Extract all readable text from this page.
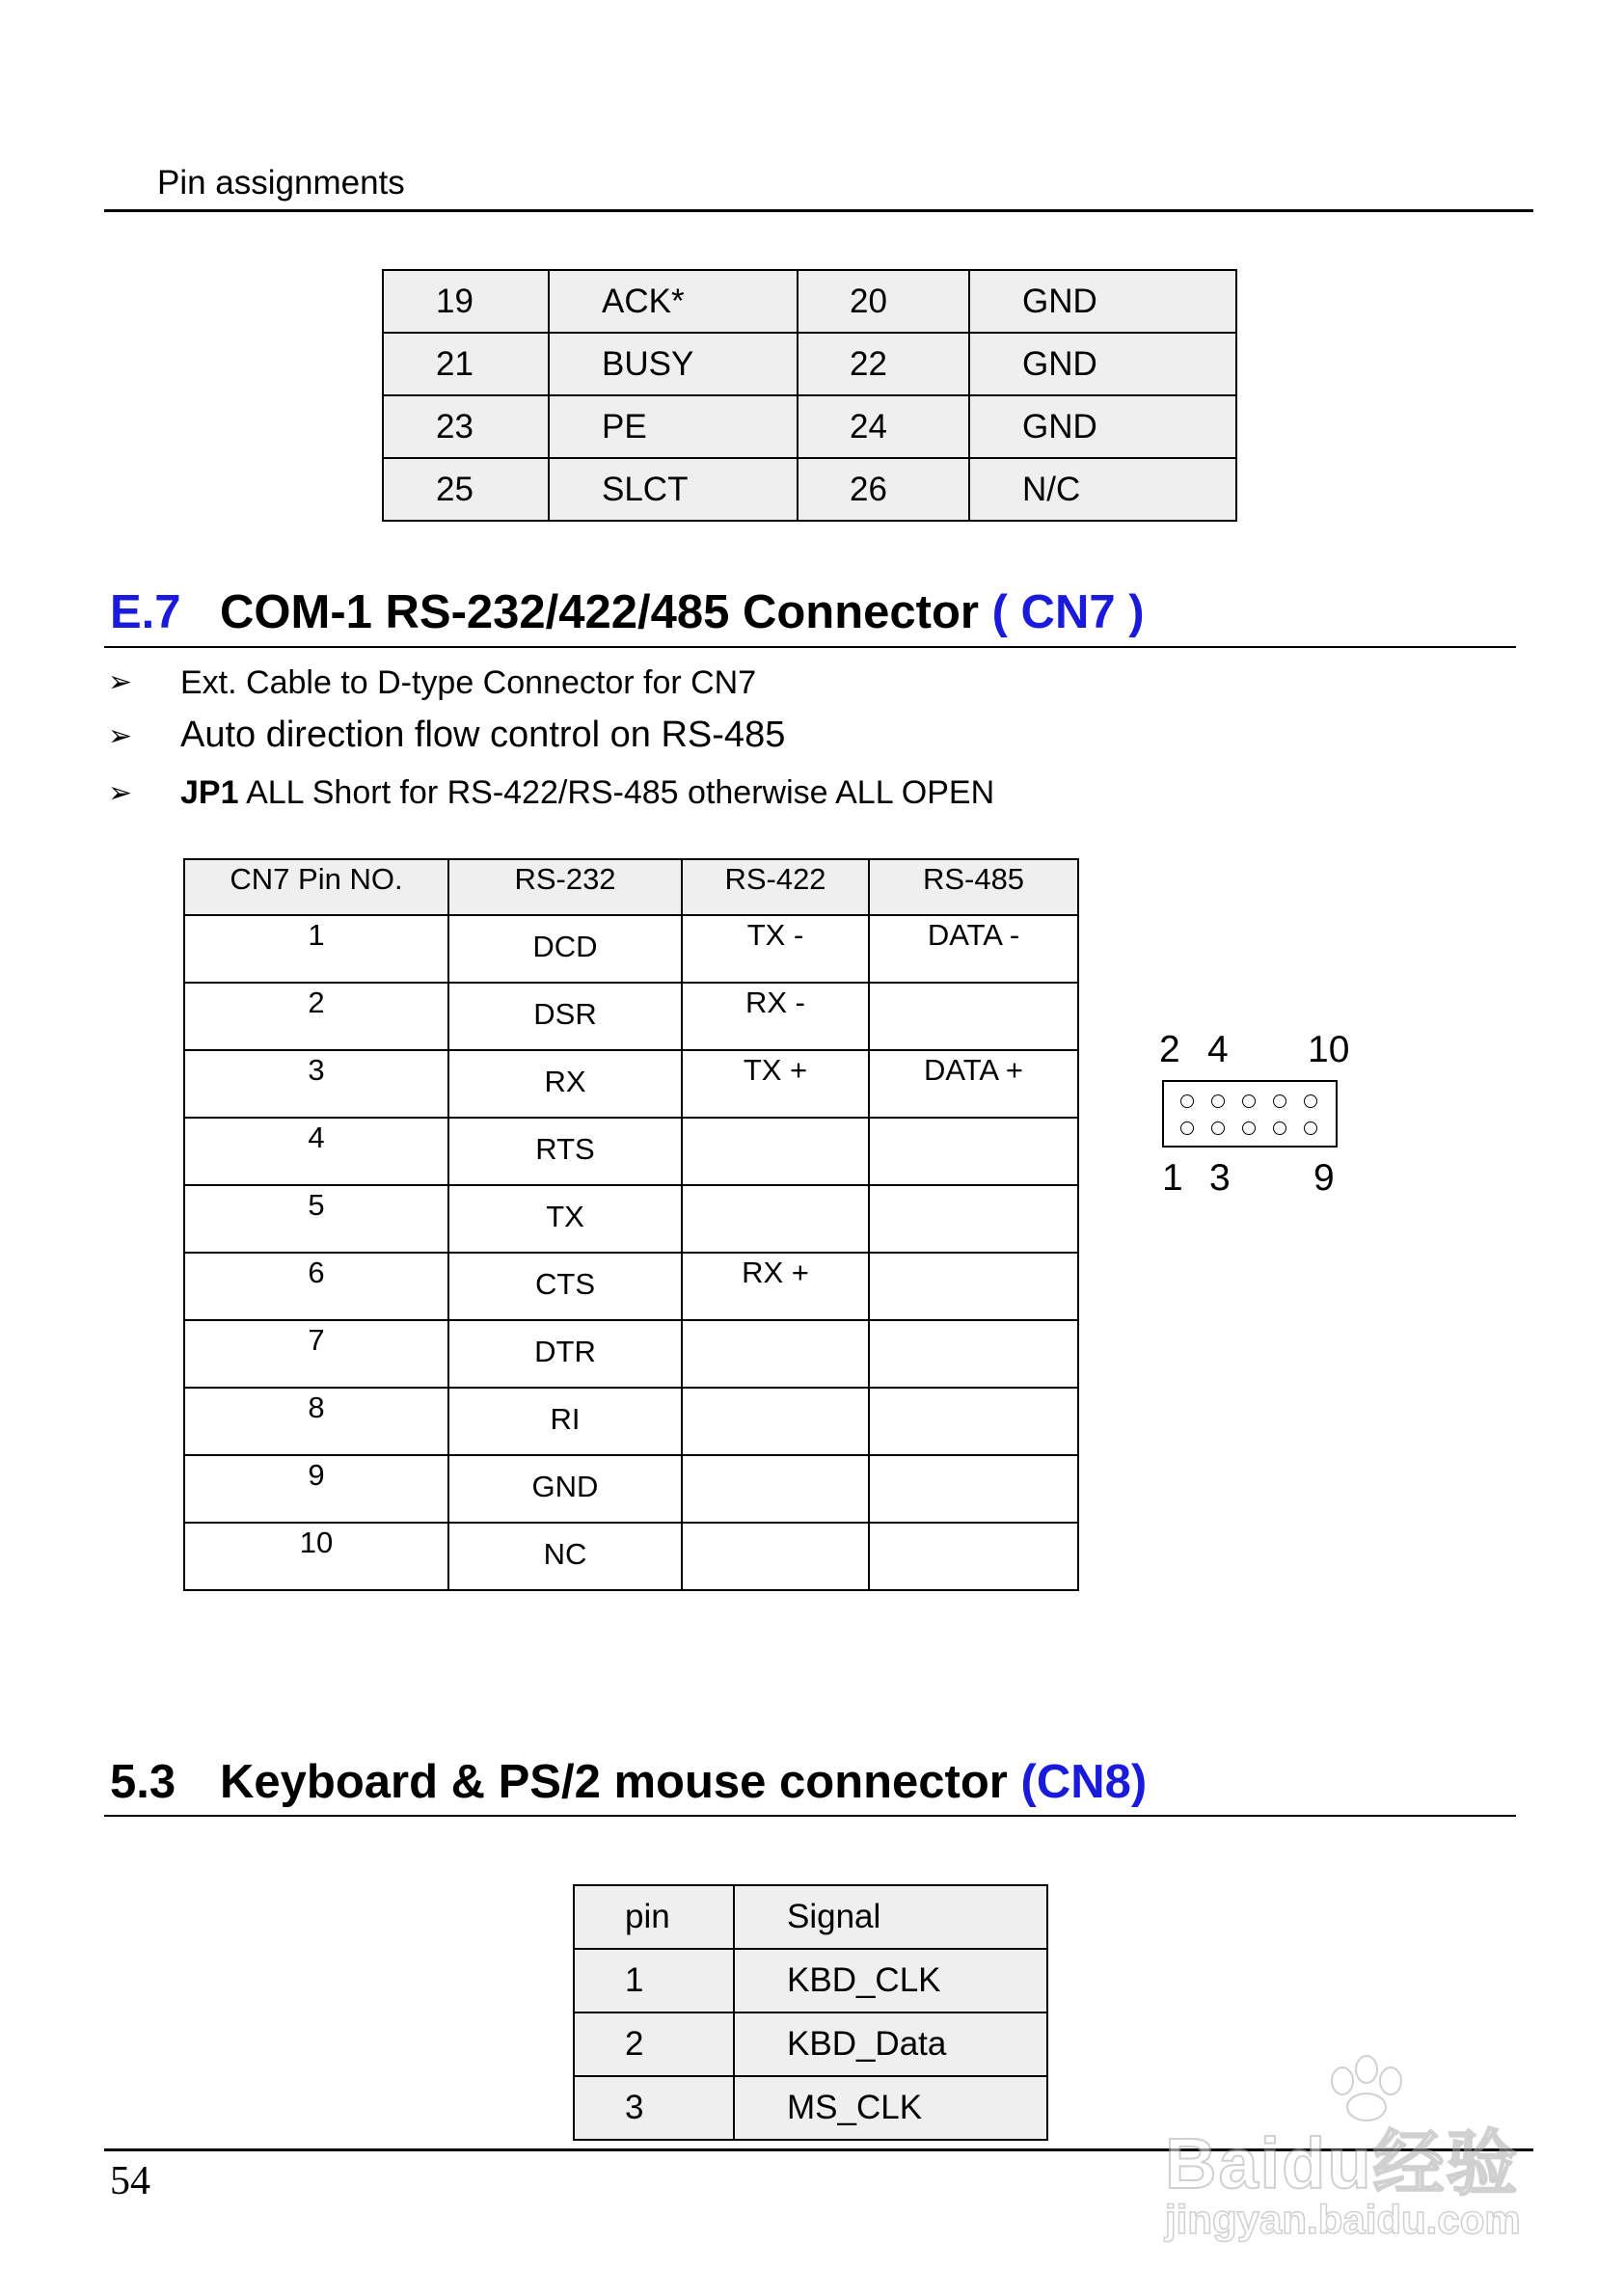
Pin assignments
19	ACK*	20	GND
21	BUSY	22	GND
23	PE	24	GND
25	SLCT	26	N/C
E.7 COM-1 RS-232/422/485 Connector ( CN7 )
➢ Ext. Cable to D-type Connector for CN7
➢ Auto direction flow control on RS-485
➢ JP1 ALL Short for RS-422/RS-485 otherwise ALL OPEN
CN7 Pin NO.	RS-232	RS-422	RS-485
1	DCD	TX -	DATA -
2	DSR	RX -	
3	RX	TX +	DATA +
4	RTS		
5	TX		
6	CTS	RX +	
7	DTR		
8	RI		
9	GND		
10	NC		
2 4 10
1 3 9
5.3 Keyboard & PS/2 mouse connector (CN8)
pin	Signal
1	KBD_CLK
2	KBD_Data
3	MS_CLK
54	Baidu经验
jingyan.baidu.com
